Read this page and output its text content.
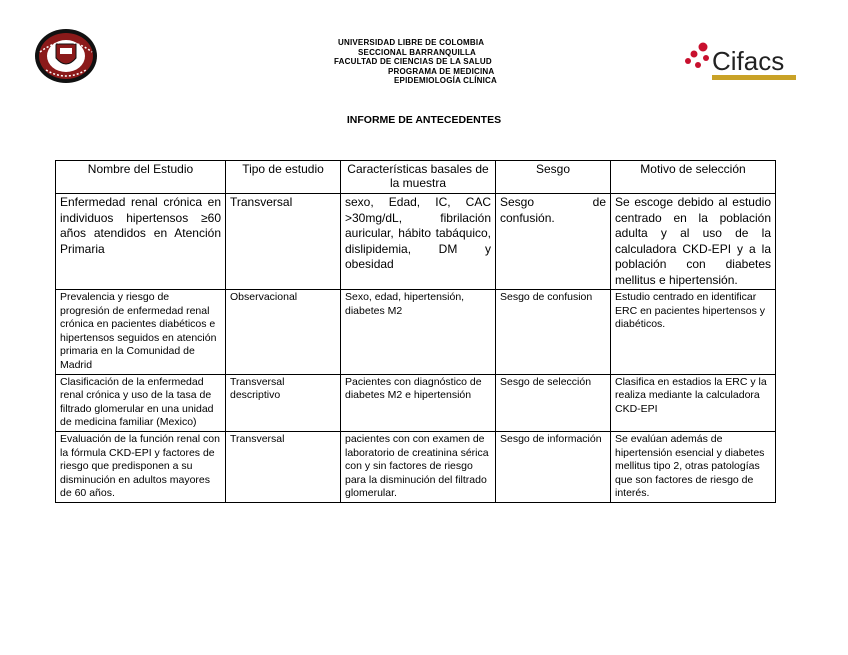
Cifacs
UNIVERSIDAD LIBRE DE COLOMBIA
SECCIONAL BARRANQUILLA
FACULTAD DE CIENCIAS DE LA SALUD
PROGRAMA DE MEDICINA
EPIDEMIOLOGÍA CLÍNICA
INFORME DE ANTECEDENTES
Nombre del Estudio	Tipo de estudio	Características basales de la muestra	Sesgo	Motivo de selección
Enfermedad renal crónica en individuos hipertensos ≥60 años atendidos en Atención Primaria	Transversal	sexo, Edad, IC, CAC >30mg/dL, fibrilación auricular, hábito tabáquico, dislipidemia, DM y obesidad	Sesgo de confusión.	Se escoge debido al estudio centrado en la población adulta y al uso de la calculadora CKD-EPI y a la población con diabetes mellitus e hipertensión.
Prevalencia y riesgo de progresión de enfermedad renal crónica en pacientes diabéticos e hipertensos seguidos en atención primaria en la Comunidad de Madrid	Observacional	Sexo, edad, hipertensión, diabetes M2	Sesgo de confusion	Estudio centrado en identificar ERC en pacientes hipertensos y diabéticos.
Clasificación de la enfermedad renal crónica y uso de la tasa de filtrado glomerular en una unidad de medicina familiar (Mexico)	Transversal descriptivo	Pacientes con diagnóstico de diabetes M2 e hipertensión	Sesgo de selección	Clasifica en estadios la ERC y la realiza mediante la calculadora CKD-EPI
Evaluación de la función renal con la fórmula CKD-EPI y factores de riesgo que predisponen a su disminución en adultos mayores de 60 años.	Transversal	pacientes con con examen de laboratorio de creatinina sérica con y sin factores de riesgo para la disminución del filtrado glomerular.	Sesgo de información	Se evalúan además de hipertensión esencial y diabetes mellitus tipo 2, otras patologías que son factores de riesgo de interés.
